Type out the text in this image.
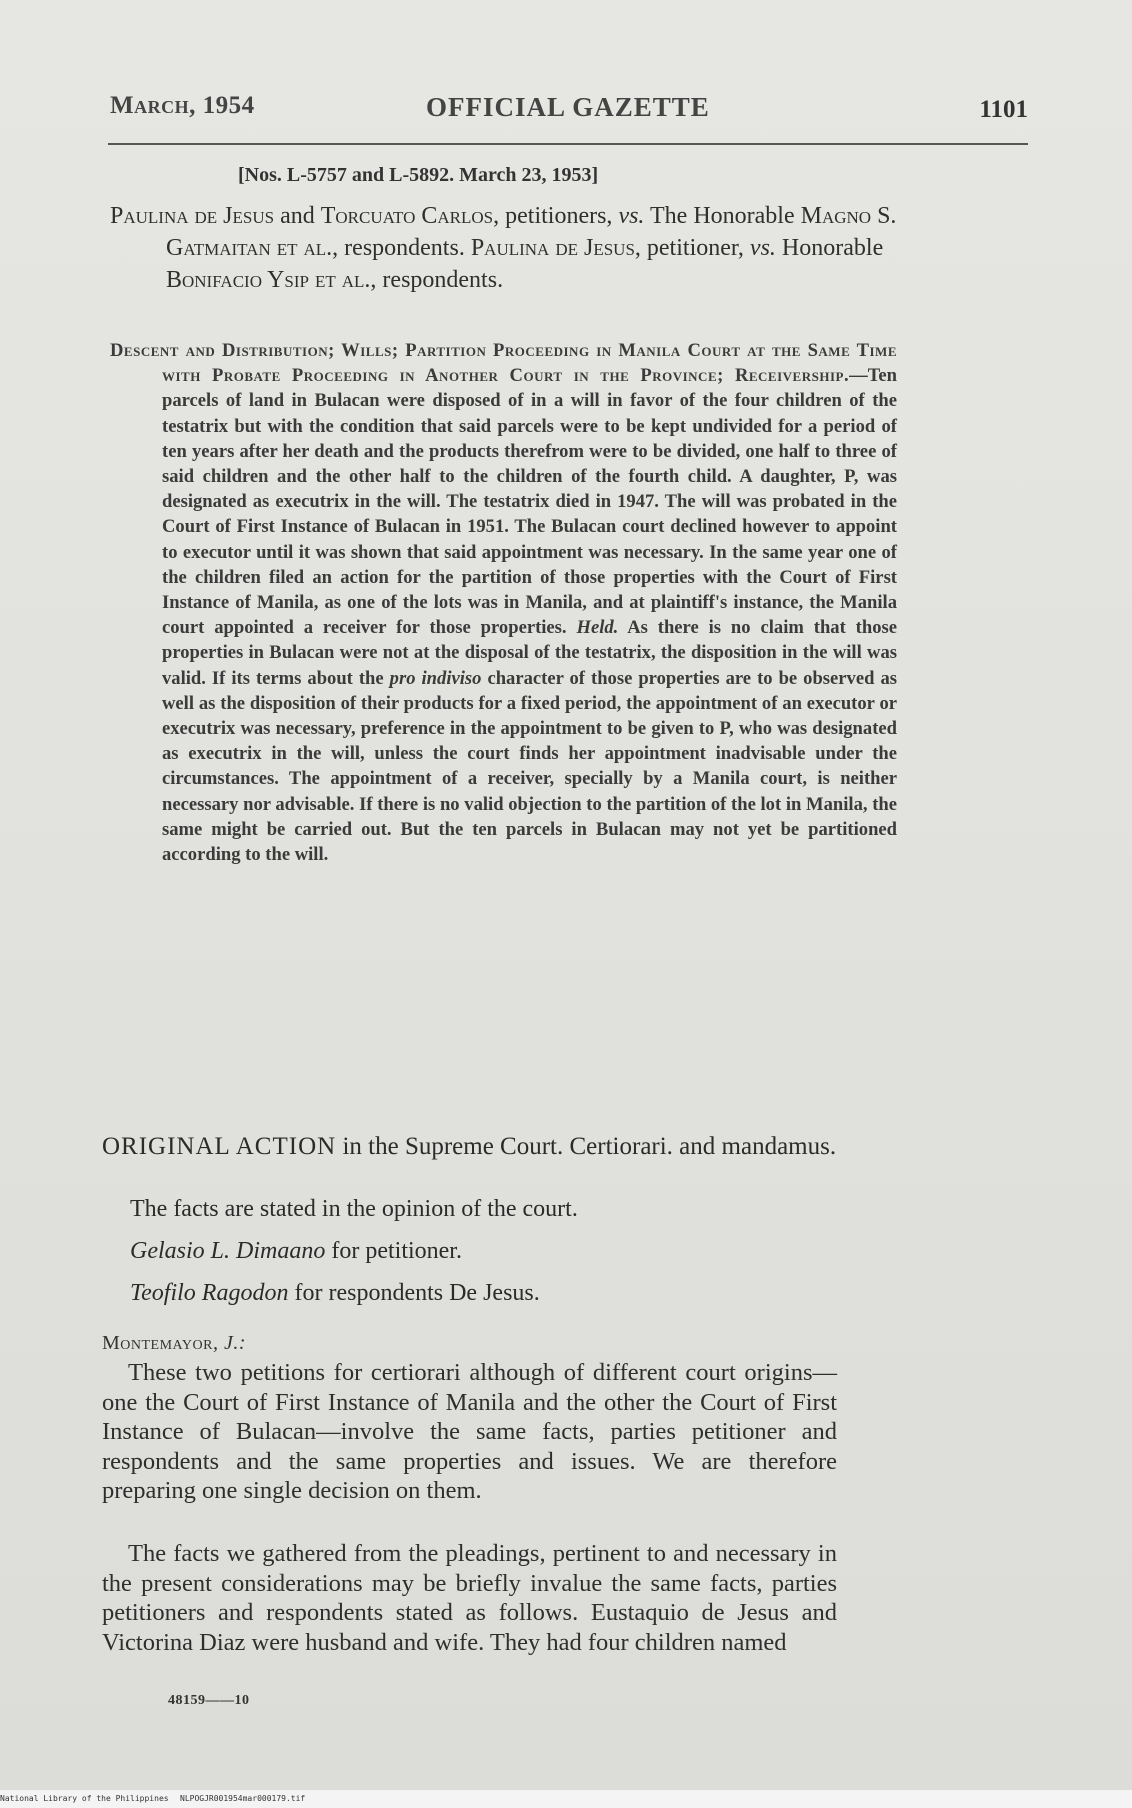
March, 1954	OFFICIAL GAZETTE	1101
[Nos. L-5757 and L-5892. March 23, 1953]
Paulina de Jesus and Torcuato Carlos, petitioners, vs. The Honorable Magno S. Gatmaitan et al., respondents. Paulina de Jesus, petitioner, vs. Honorable Bonifacio Ysip et al., respondents.
Descent and Distribution; Wills; Partition Proceeding in Manila Court at the Same Time with Probate Proceeding in Another Court in the Province; Receivership.—Ten parcels of land in Bulacan were disposed of in a will in favor of the four children of the testatrix but with the condition that said parcels were to be kept undivided for a period of ten years after her death and the products therefrom were to be divided, one half to three of said children and the other half to the children of the fourth child. A daughter, P, was designated as executrix in the will. The testatrix died in 1947. The will was probated in the Court of First Instance of Bulacan in 1951. The Bulacan court declined however to appoint to executor until it was shown that said appointment was necessary. In the same year one of the children filed an action for the partition of those properties with the Court of First Instance of Manila, as one of the lots was in Manila, and at plaintiff's instance, the Manila court appointed a receiver for those properties. Held. As there is no claim that those properties in Bulacan were not at the disposal of the testatrix, the disposition in the will was valid. If its terms about the pro indiviso character of those properties are to be observed as well as the disposition of their products for a fixed period, the appointment of an executor or executrix was necessary, preference in the appointment to be given to P, who was designated as executrix in the will, unless the court finds her appointment inadvisable under the circumstances. The appointment of a receiver, specially by a Manila court, is neither necessary nor advisable. If there is no valid objection to the partition of the lot in Manila, the same might be carried out. But the ten parcels in Bulacan may not yet be partitioned according to the will.
ORIGINAL ACTION in the Supreme Court. Certiorari. and mandamus.
The facts are stated in the opinion of the court.
Gelasio L. Dimaano for petitioner.
Teofilo Ragodon for respondents De Jesus.
Montemayor, J.:

These two petitions for certiorari although of different court origins—one the Court of First Instance of Manila and the other the Court of First Instance of Bulacan—involve the same facts, parties petitioner and respondents and the same properties and issues. We are therefore preparing one single decision on them.

The facts we gathered from the pleadings, pertinent to and necessary in the present considerations may be briefly invalue the same facts, parties petitioners and respondents stated as follows. Eustaquio de Jesus and Victorina Diaz were husband and wife. They had four children named

48159——10
National Library of the Philippines NLPOGJR001954mar000179.tif
